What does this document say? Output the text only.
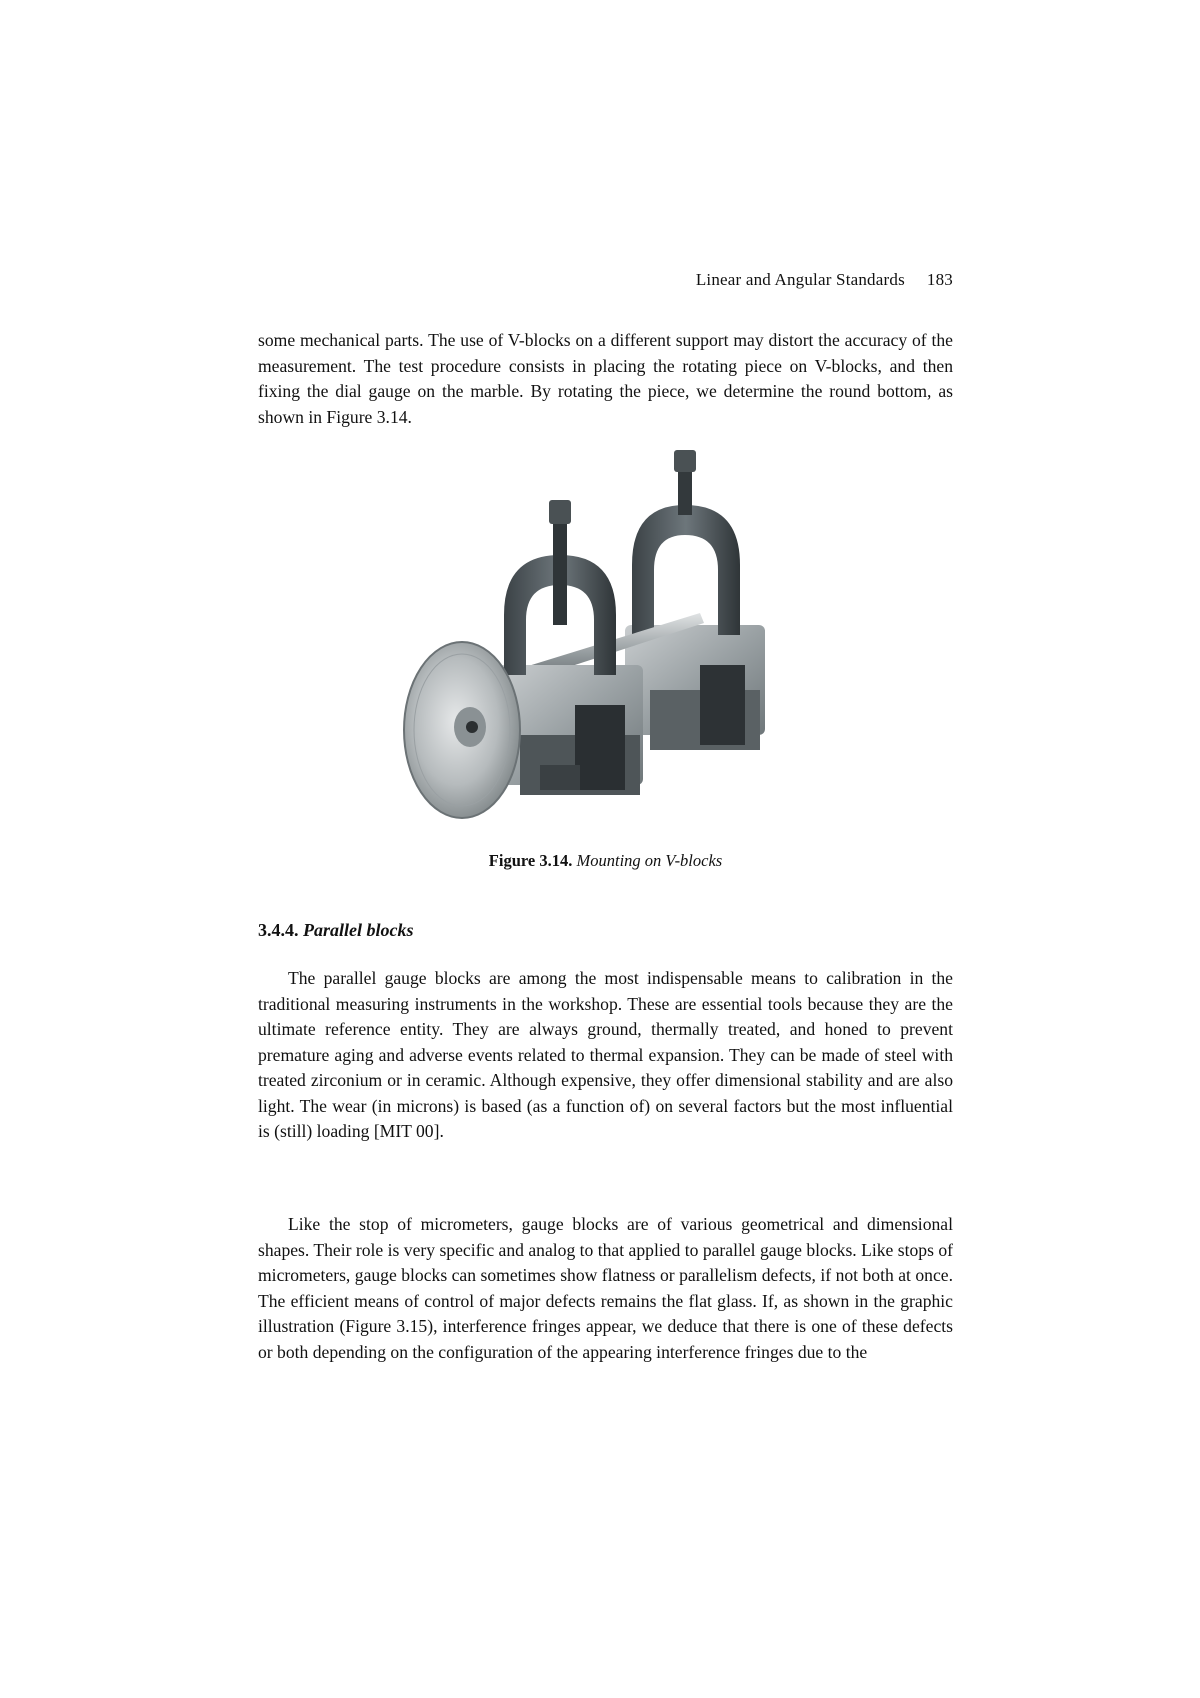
Linear and Angular Standards 183

some mechanical parts. The use of V-blocks on a different support may distort the accuracy of the measurement. The test procedure consists in placing the rotating piece on V-blocks, and then fixing the dial gauge on the marble. By rotating the piece, we determine the round bottom, as shown in Figure 3.14.

Figure 3.14. Mounting on V-blocks
3.4.4. Parallel blocks

The parallel gauge blocks are among the most indispensable means to calibration in the traditional measuring instruments in the workshop. These are essential tools because they are the ultimate reference entity. They are always ground, thermally treated, and honed to prevent premature aging and adverse events related to thermal expansion. They can be made of steel with treated zirconium or in ceramic. Although expensive, they offer dimensional stability and are also light. The wear (in microns) is based (as a function of) on several factors but the most influential is (still) loading [MIT 00].

Like the stop of micrometers, gauge blocks are of various geometrical and dimensional shapes. Their role is very specific and analog to that applied to parallel gauge blocks. Like stops of micrometers, gauge blocks can sometimes show flatness or parallelism defects, if not both at once. The efficient means of control of major defects remains the flat glass. If, as shown in the graphic illustration (Figure 3.15), interference fringes appear, we deduce that there is one of these defects or both depending on the configuration of the appearing interference fringes due to the
